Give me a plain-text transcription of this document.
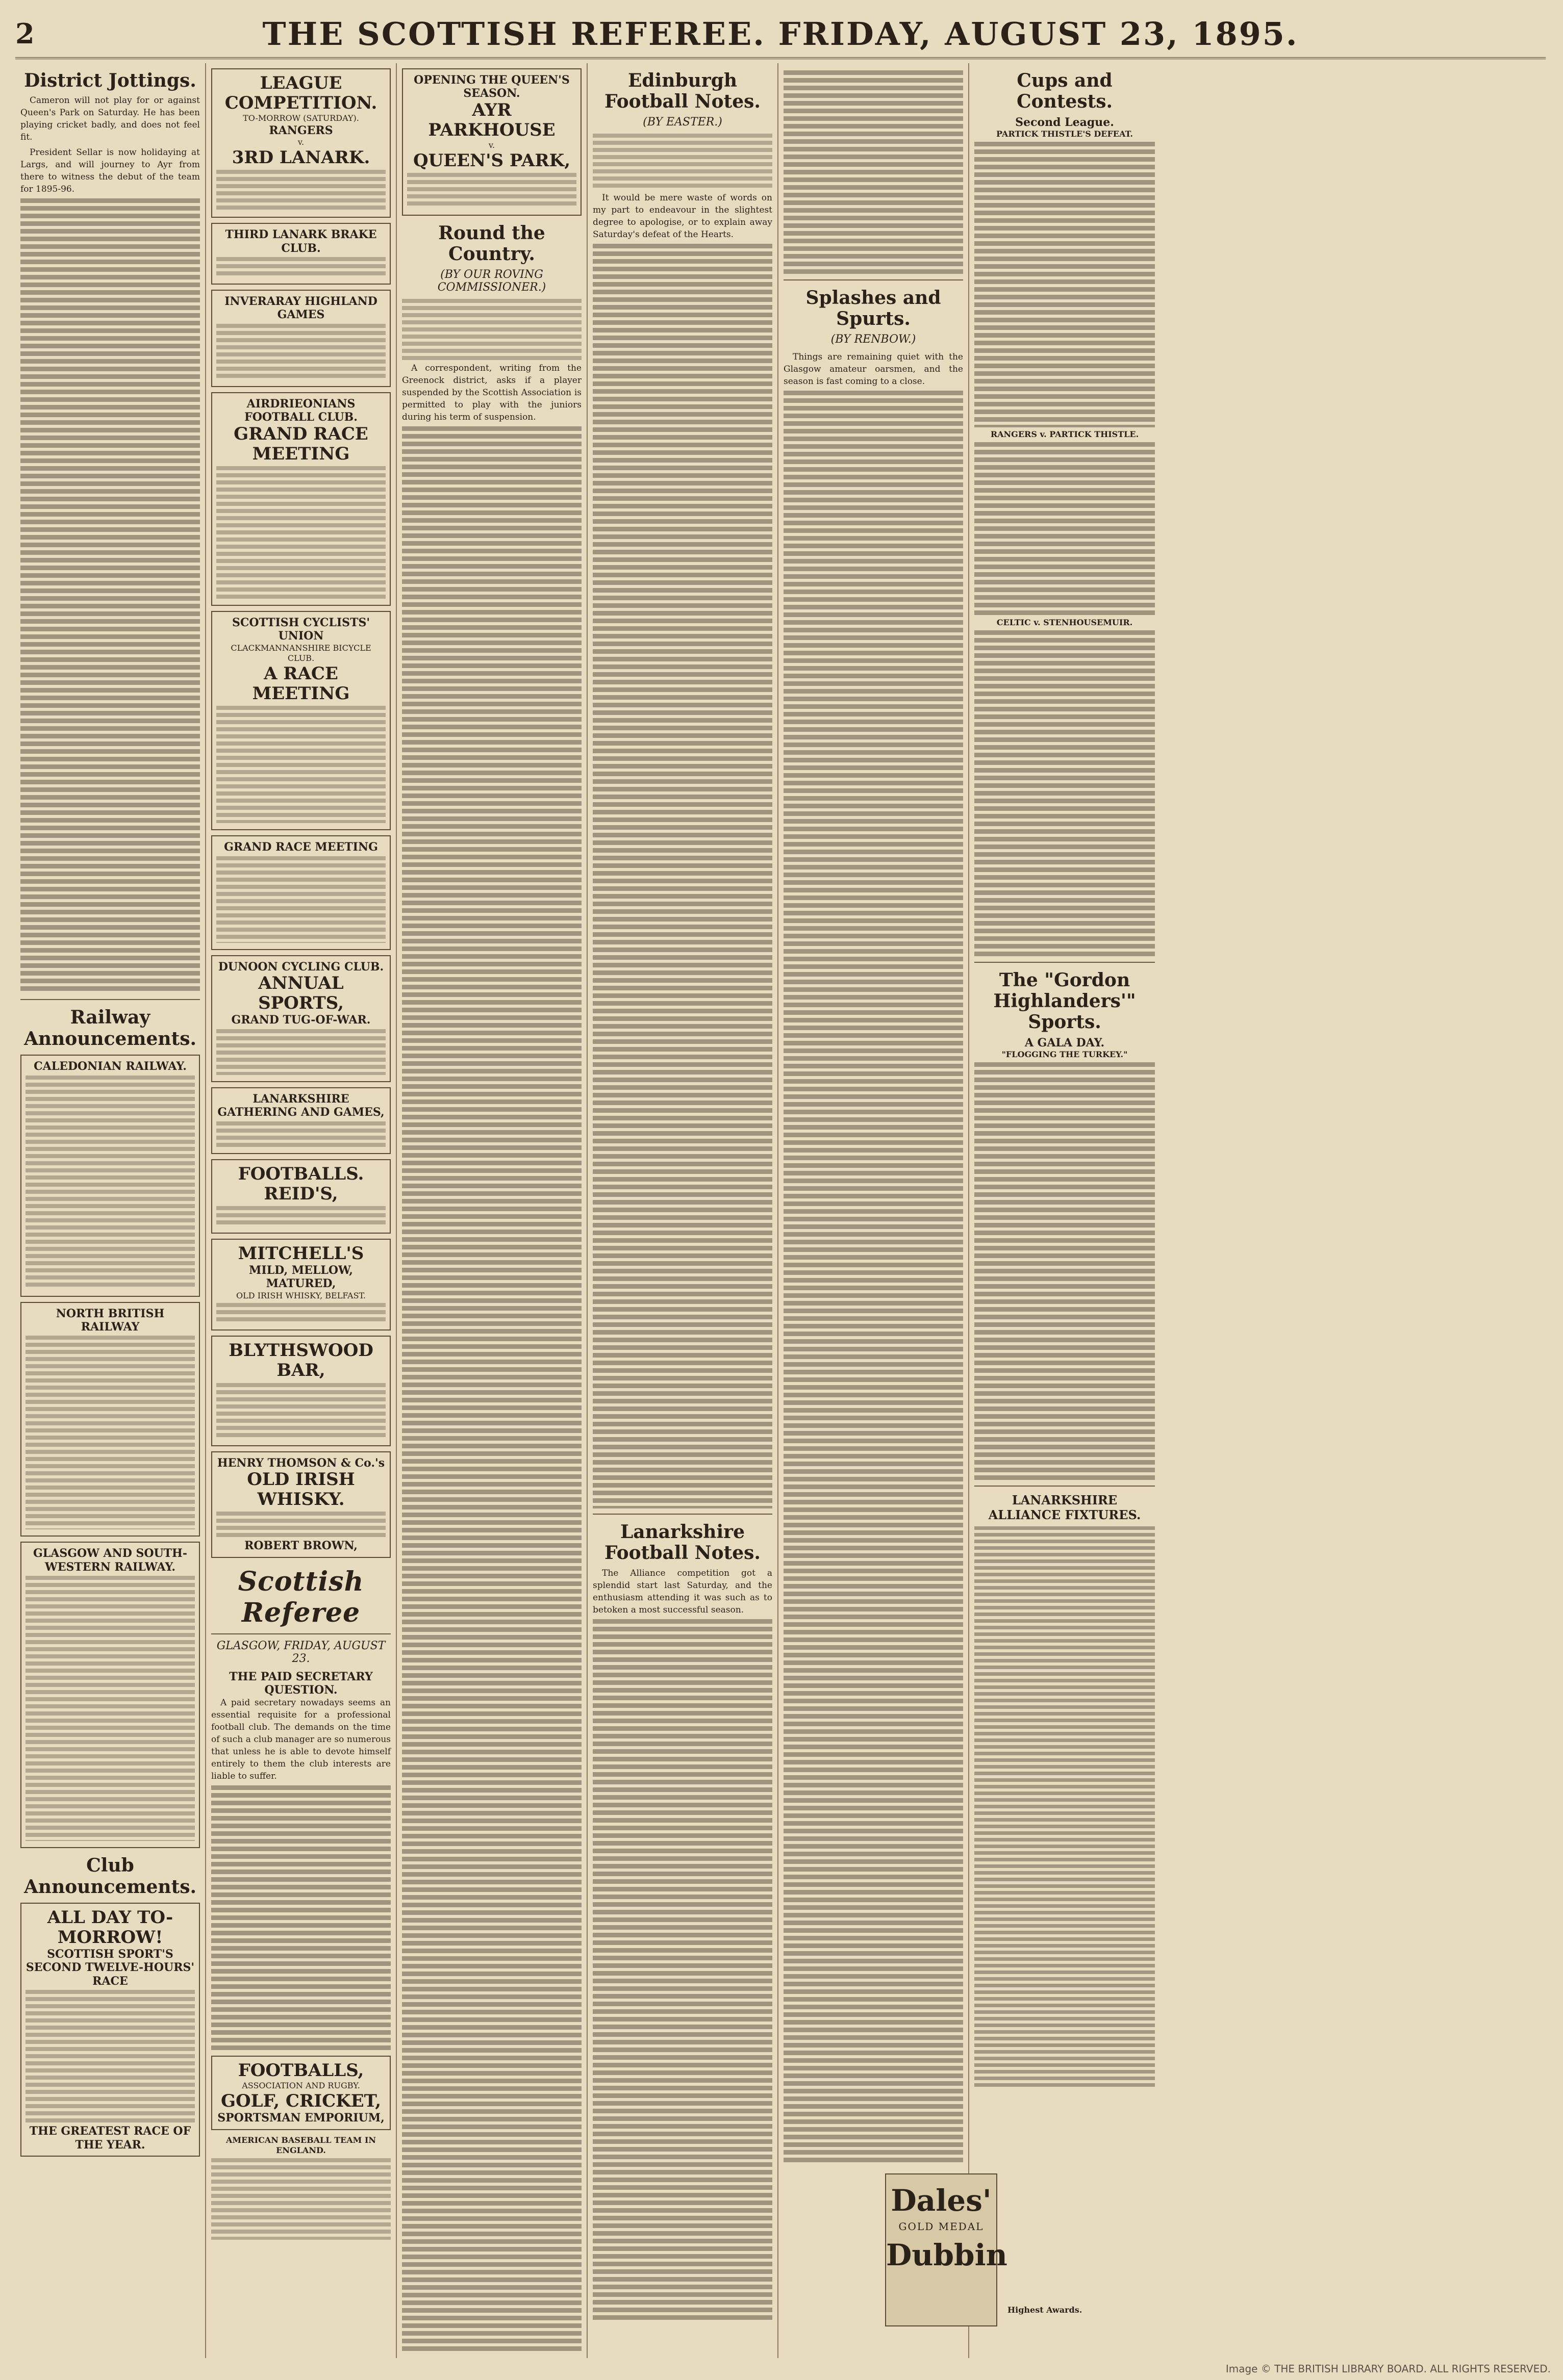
2	THE SCOTTISH REFEREE. FRIDAY, AUGUST 23, 1895.
District Jottings.
Cameron will not play for or against Queen's Park on Saturday. He has been playing cricket badly, and does not feel fit.
President Sellar is now holidaying at Largs, and will journey to Ayr from there to witness the debut of the team for 1895-96.
Railway Announcements.
CALEDONIAN RAILWAY.
NORTH BRITISH RAILWAY
GLASGOW AND SOUTH-WESTERN RAILWAY.
Club Announcements.
ALL DAY TO-MORROW!
SCOTTISH SPORT'S SECOND TWELVE-HOURS' RACE
THE GREATEST RACE OF THE YEAR.
LEAGUE COMPETITION.
TO-MORROW (SATURDAY).
RANGERS
v.
3RD LANARK.
THIRD LANARK BRAKE CLUB.
INVERARAY HIGHLAND GAMES
AIRDRIEONIANS FOOTBALL CLUB.
GRAND RACE MEETING
SCOTTISH CYCLISTS' UNION
CLACKMANNANSHIRE BICYCLE CLUB.
A RACE MEETING
GRAND RACE MEETING
DUNOON CYCLING CLUB.
ANNUAL SPORTS,
GRAND TUG-OF-WAR.
LANARKSHIRE GATHERING AND GAMES,
FOOTBALLS.
REID'S,
MITCHELL'S
MILD, MELLOW, MATURED,
OLD IRISH WHISKY, BELFAST.
BLYTHSWOOD BAR,
HENRY THOMSON & Co.'s
OLD IRISH WHISKY.
ROBERT BROWN,
Scottish Referee
GLASGOW, FRIDAY, AUGUST 23.
THE PAID SECRETARY QUESTION.
A paid secretary nowadays seems an essential requisite for a professional football club. The demands on the time of such a club manager are so numerous that unless he is able to devote himself entirely to them the club interests are liable to suffer.
FOOTBALLS,
ASSOCIATION AND RUGBY.
GOLF, CRICKET,
SPORTSMAN EMPORIUM,
AMERICAN BASEBALL TEAM IN ENGLAND.
OPENING THE QUEEN'S SEASON.
AYR PARKHOUSE
v.
QUEEN'S PARK,
Round the Country.
(BY OUR ROVING COMMISSIONER.)
A correspondent, writing from the Greenock district, asks if a player suspended by the Scottish Association is permitted to play with the juniors during his term of suspension.
Edinburgh Football Notes.
(BY EASTER.)
It would be mere waste of words on my part to endeavour in the slightest degree to apologise, or to explain away Saturday's defeat of the Hearts.
Lanarkshire Football Notes.
The Alliance competition got a splendid start last Saturday, and the enthusiasm attending it was such as to betoken a most successful season.
Splashes and Spurts.
(BY RENBOW.)
Things are remaining quiet with the Glasgow amateur oarsmen, and the season is fast coming to a close.
Cups and Contests.
Second League.
PARTICK THISTLE'S DEFEAT.
RANGERS v. PARTICK THISTLE.
CELTIC v. STENHOUSEMUIR.
The "Gordon Highlanders'" Sports.
A GALA DAY.
"FLOGGING THE TURKEY."
LANARKSHIRE ALLIANCE FIXTURES.
Dales'
GOLD MEDAL
Dubbin
Highest Awards.
Image © THE BRITISH LIBRARY BOARD. ALL RIGHTS RESERVED.
